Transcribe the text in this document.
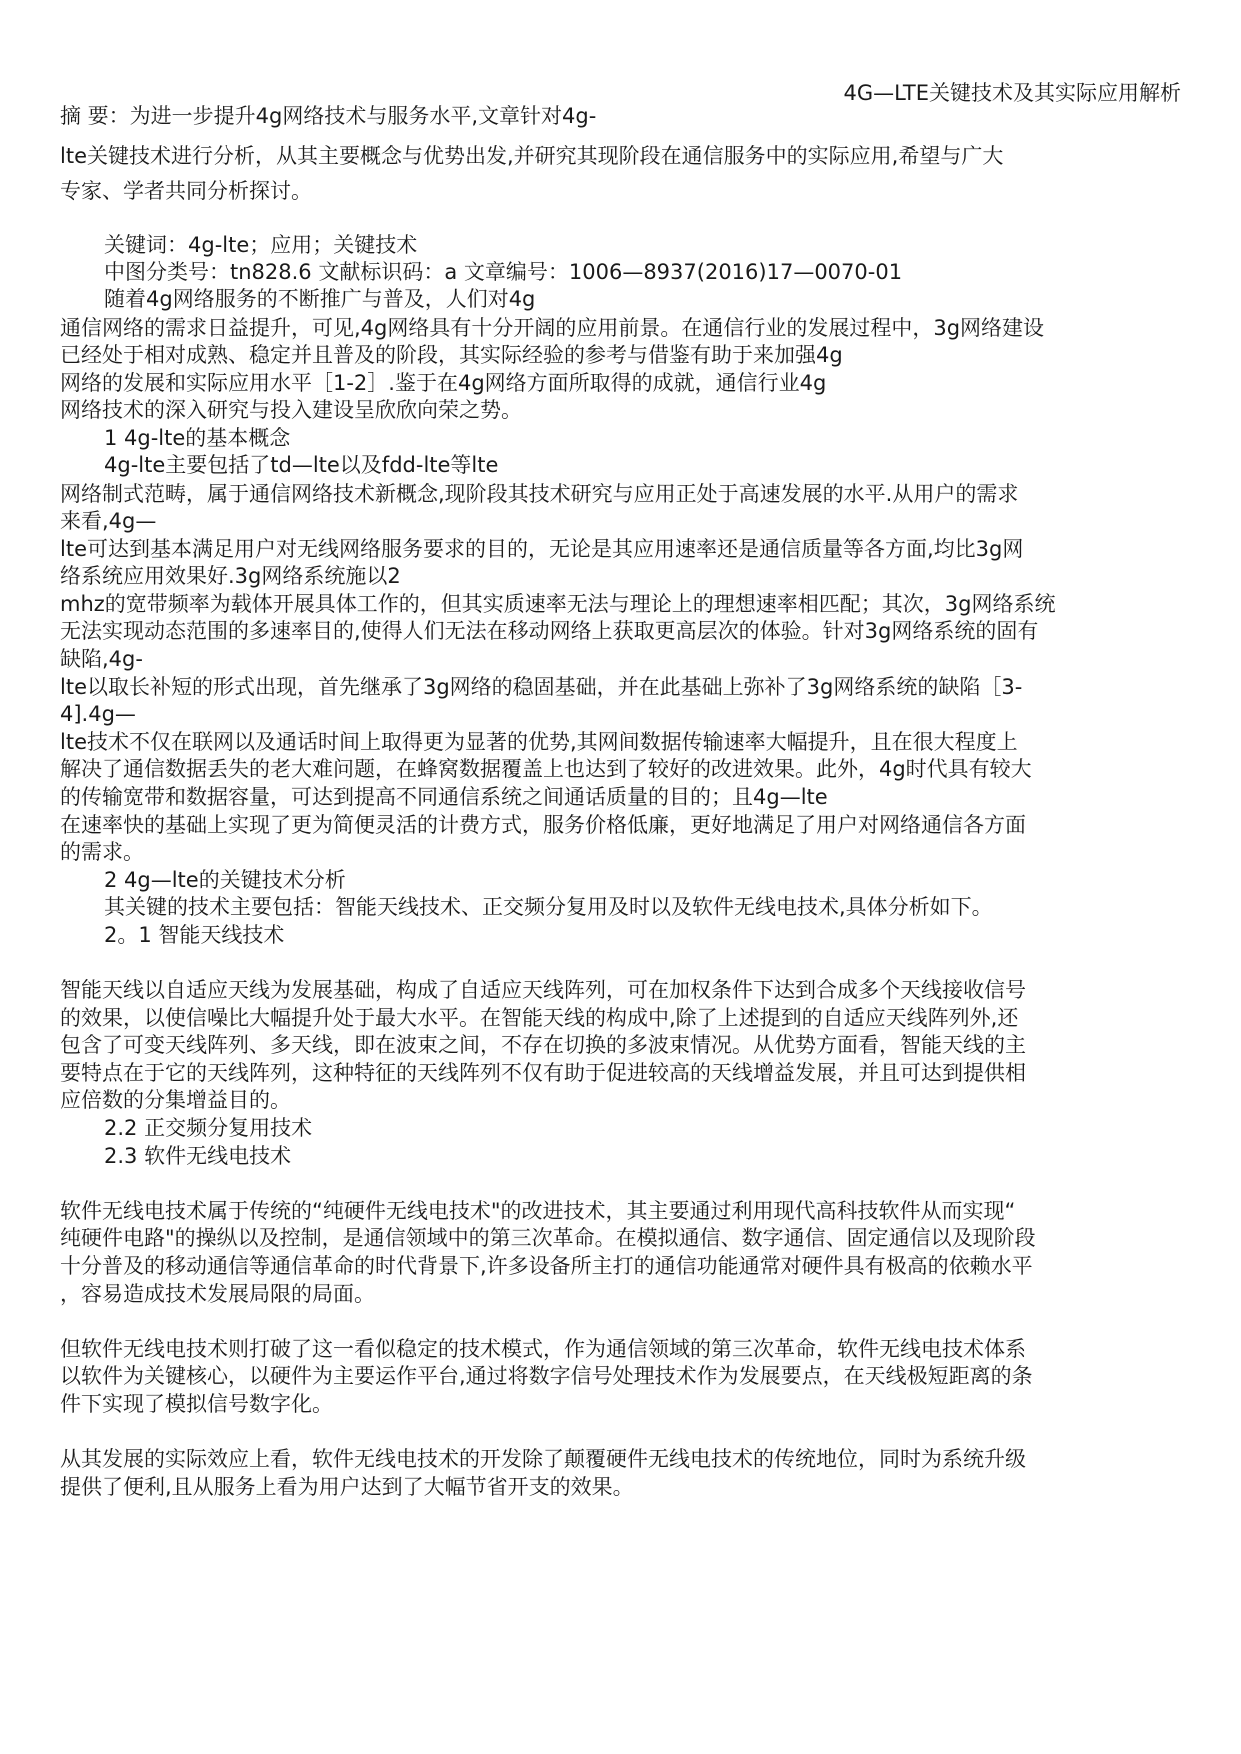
4G—LTE关键技术及其实际应用解析
摘 要：为进一步提升4g网络技术与服务水平,文章针对4g-
lte关键技术进行分析，从其主要概念与优势出发,并研究其现阶段在通信服务中的实际应用,希望与广大
专家、学者共同分析探讨。
关键词：4g-lte；应用；关键技术
中图分类号：tn828.6 文献标识码：a 文章编号：1006—8937(2016)17—0070-01
随着4g网络服务的不断推广与普及，人们对4g
通信网络的需求日益提升，可见,4g网络具有十分开阔的应用前景。在通信行业的发展过程中，3g网络建设
已经处于相对成熟、稳定并且普及的阶段，其实际经验的参考与借鉴有助于来加强4g
网络的发展和实际应用水平［1-2］.鉴于在4g网络方面所取得的成就，通信行业4g
网络技术的深入研究与投入建设呈欣欣向荣之势。
1 4g-lte的基本概念
4g-lte主要包括了td—lte以及fdd-lte等lte
网络制式范畴，属于通信网络技术新概念,现阶段其技术研究与应用正处于高速发展的水平.从用户的需求
来看,4g—
lte可达到基本满足用户对无线网络服务要求的目的，无论是其应用速率还是通信质量等各方面,均比3g网
络系统应用效果好.3g网络系统施以2
mhz的宽带频率为载体开展具体工作的，但其实质速率无法与理论上的理想速率相匹配；其次，3g网络系统
无法实现动态范围的多速率目的,使得人们无法在移动网络上获取更高层次的体验。针对3g网络系统的固有
缺陷,4g-
lte以取长补短的形式出现，首先继承了3g网络的稳固基础，并在此基础上弥补了3g网络系统的缺陷［3-
4].4g—
lte技术不仅在联网以及通话时间上取得更为显著的优势,其网间数据传输速率大幅提升，且在很大程度上
解决了通信数据丢失的老大难问题，在蜂窝数据覆盖上也达到了较好的改进效果。此外，4g时代具有较大
的传输宽带和数据容量，可达到提高不同通信系统之间通话质量的目的；且4g—lte
在速率快的基础上实现了更为简便灵活的计费方式，服务价格低廉，更好地满足了用户对网络通信各方面
的需求。
2 4g—lte的关键技术分析
其关键的技术主要包括：智能天线技术、正交频分复用及时以及软件无线电技术,具体分析如下。
2。1 智能天线技术
智能天线以自适应天线为发展基础，构成了自适应天线阵列，可在加权条件下达到合成多个天线接收信号
的效果，以使信噪比大幅提升处于最大水平。在智能天线的构成中,除了上述提到的自适应天线阵列外,还
包含了可变天线阵列、多天线，即在波束之间，不存在切换的多波束情况。从优势方面看，智能天线的主
要特点在于它的天线阵列，这种特征的天线阵列不仅有助于促进较高的天线增益发展，并且可达到提供相
应倍数的分集增益目的。
2.2 正交频分复用技术
2.3 软件无线电技术
软件无线电技术属于传统的“纯硬件无线电技术"的改进技术，其主要通过利用现代高科技软件从而实现“
纯硬件电路"的操纵以及控制，是通信领域中的第三次革命。在模拟通信、数字通信、固定通信以及现阶段
十分普及的移动通信等通信革命的时代背景下,许多设备所主打的通信功能通常对硬件具有极高的依赖水平
，容易造成技术发展局限的局面。
但软件无线电技术则打破了这一看似稳定的技术模式，作为通信领域的第三次革命，软件无线电技术体系
以软件为关键核心，以硬件为主要运作平台,通过将数字信号处理技术作为发展要点，在天线极短距离的条
件下实现了模拟信号数字化。
从其发展的实际效应上看，软件无线电技术的开发除了颠覆硬件无线电技术的传统地位，同时为系统升级
提供了便利,且从服务上看为用户达到了大幅节省开支的效果。
